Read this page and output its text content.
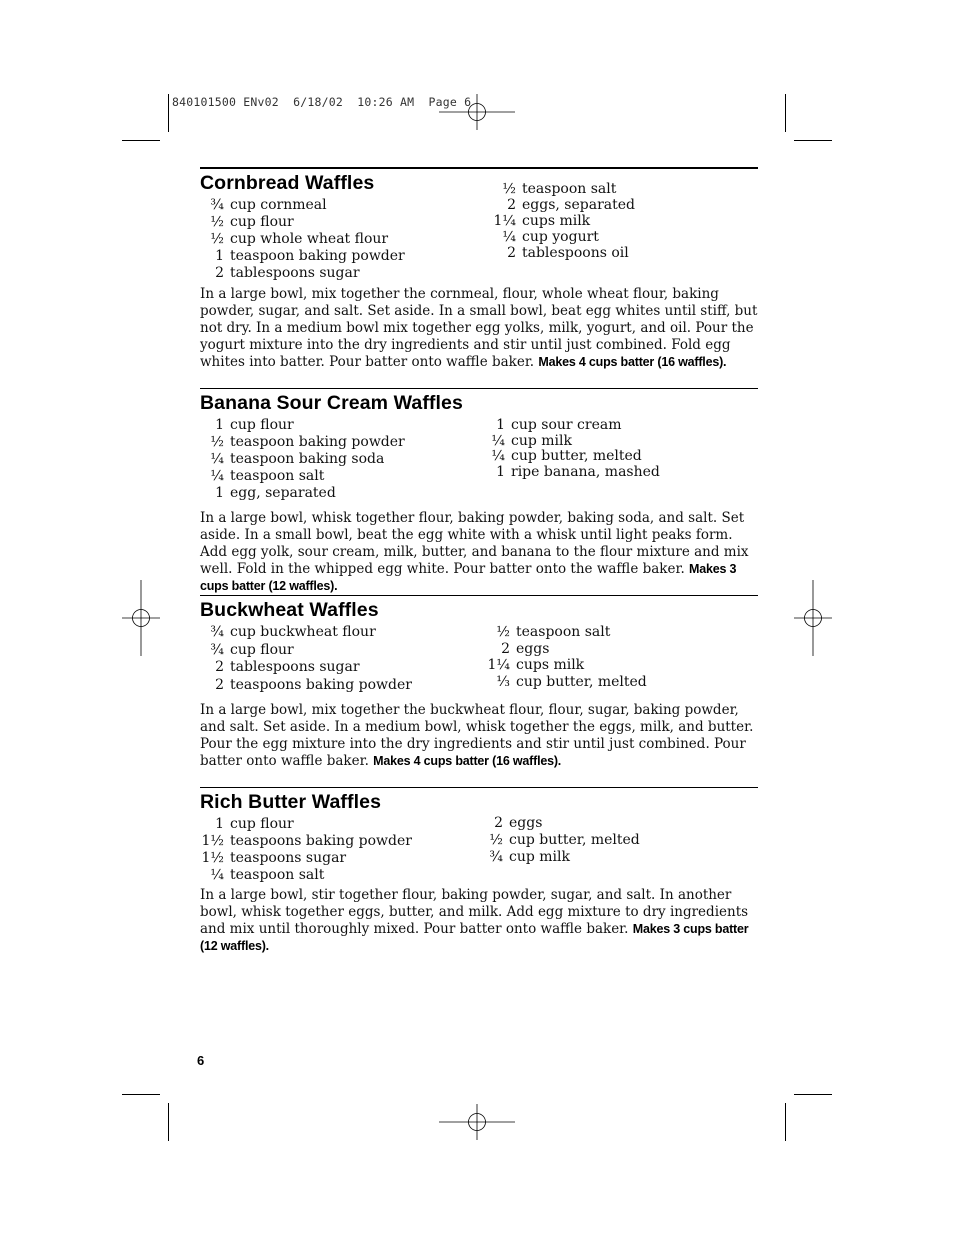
840101500 ENv02  6/18/02  10:26 AM  Page 6
Cornbread Waffles
¾ cup cornmeal
½ cup flour
½ cup whole wheat flour
1 teaspoon baking powder
2 tablespoons sugar
½ teaspoon salt
2 eggs, separated
1¼ cups milk
¼ cup yogurt
2 tablespoons oil
In a large bowl, mix together the cornmeal, flour, whole wheat flour, baking powder, sugar, and salt. Set aside. In a small bowl, beat egg whites until stiff, but not dry. In a medium bowl mix together egg yolks, milk, yogurt, and oil. Pour the yogurt mixture into the dry ingredients and stir until just combined. Fold egg whites into batter. Pour batter onto waffle baker. Makes 4 cups batter (16 waffles).
Banana Sour Cream Waffles
1 cup flour
½ teaspoon baking powder
¼ teaspoon baking soda
¼ teaspoon salt
1 egg, separated
1 cup sour cream
¼ cup milk
¼ cup butter, melted
1 ripe banana, mashed
In a large bowl, whisk together flour, baking powder, baking soda, and salt. Set aside. In a small bowl, beat the egg white with a whisk until light peaks form. Add egg yolk, sour cream, milk, butter, and banana to the flour mixture and mix well. Fold in the whipped egg white. Pour batter onto the waffle baker. Makes 3 cups batter (12 waffles).
Buckwheat Waffles
¾ cup buckwheat flour
¾ cup flour
2 tablespoons sugar
2 teaspoons baking powder
½ teaspoon salt
2 eggs
1¼ cups milk
⅓ cup butter, melted
In a large bowl, mix together the buckwheat flour, flour, sugar, baking powder, and salt. Set aside. In a medium bowl, whisk together the eggs, milk, and butter. Pour the egg mixture into the dry ingredients and stir until just combined. Pour batter onto waffle baker. Makes 4 cups batter (16 waffles).
Rich Butter Waffles
1 cup flour
1½ teaspoons baking powder
1½ teaspoons sugar
¼ teaspoon salt
2 eggs
½ cup butter, melted
¾ cup milk
In a large bowl, stir together flour, baking powder, sugar, and salt. In another bowl, whisk together eggs, butter, and milk. Add egg mixture to dry ingredients and mix until thoroughly mixed. Pour batter onto waffle baker. Makes 3 cups batter (12 waffles).
6
